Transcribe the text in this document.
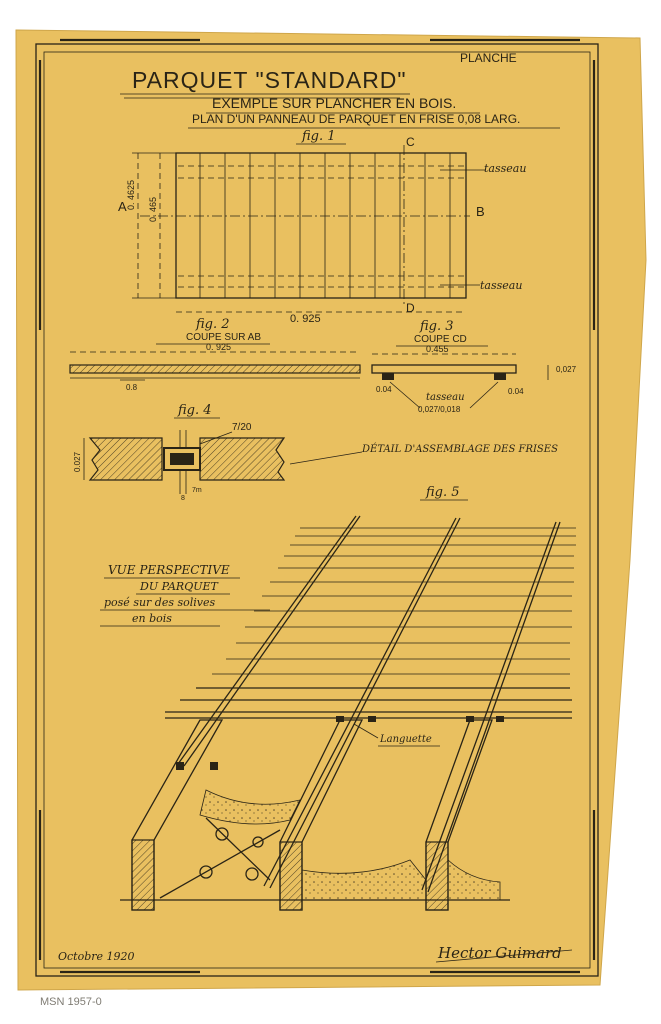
MSN 1957-0
PLANCHE
PARQUET "STANDARD"
EXEMPLE SUR PLANCHER EN BOIS.
PLAN D'UN PANNEAU DE PARQUET EN FRISE 0,08 LARG.
fig. 1
A	B
C
D
0. 4625 0. 465
0. 925
tasseau
tasseau
fig. 2
COUPE SUR AB
0. 925
0.8
fig. 3
COUPE CD
0.455
0.04	0.04
0,027
tasseau
0,027/0,018
fig. 4
0.027
7/20
8
7m
DÉTAIL D'ASSEMBLAGE DES FRISES
fig. 5
VUE PERSPECTIVE
DU PARQUET
posé sur des solives
en bois
Languette
Octobre 1920	Hector Guimard
